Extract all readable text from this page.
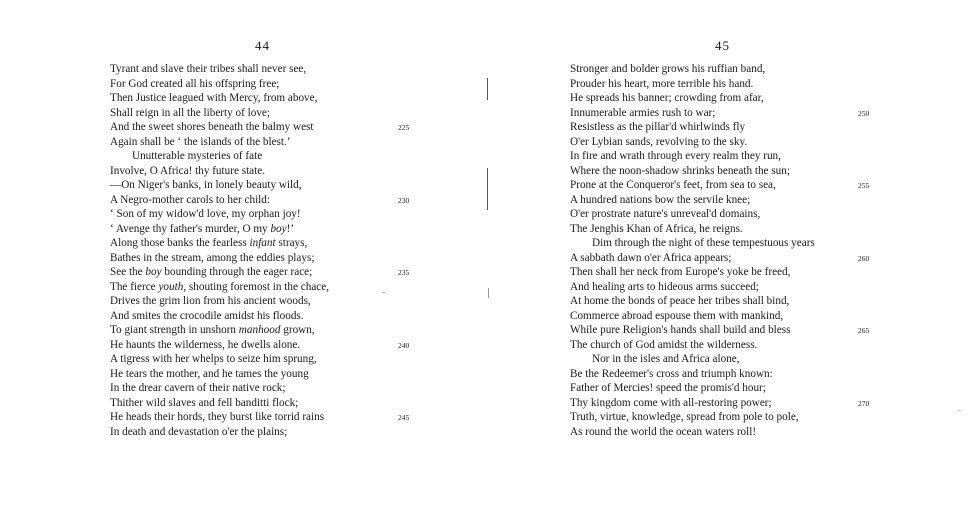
44	45
Tyrant and slave their tribes shall never see,
For God created all his offspring free;
Then Justice leagued with Mercy, from above,
Shall reign in all the liberty of love;
And the sweet shores beneath the balmy west	225
Again shall be ‘ the islands of the blest.’
Unutterable mysteries of fate
Involve, O Africa! thy future state.
—On Niger's banks, in lonely beauty wild,
A Negro-mother carols to her child:	230
‘ Son of my widow'd love, my orphan joy!
‘ Avenge thy father's murder, O my boy!’
Along those banks the fearless infant strays,
Bathes in the stream, among the eddies plays;
See the boy bounding through the eager race;	235
The fierce youth, shouting foremost in the chace,
Drives the grim lion from his ancient woods,
And smites the crocodile amidst his floods.
To giant strength in unshorn manhood grown,
He haunts the wilderness, he dwells alone.	240
A tigress with her whelps to seize him sprung,
He tears the mother, and he tames the young
In the drear cavern of their native rock;
Thither wild slaves and fell banditti flock;
He heads their hords, they burst like torrid rains	245
In death and devastation o'er the plains;
Stronger and bolder grows his ruffian band,
Prouder his heart, more terrible his hand.
He spreads his banner; crowding from afar,
Innumerable armies rush to war;	250
Resistless as the pillar'd whirlwinds fly
O'er Lybian sands, revolving to the sky.
In fire and wrath through every realm they run,
Where the noon-shadow shrinks beneath the sun;
Prone at the Conqueror's feet, from sea to sea,	255
A hundred nations bow the servile knee;
O'er prostrate nature's unreveal'd domains,
The Jenghis Khan of Africa, he reigns.
Dim through the night of these tempestuous years
A sabbath dawn o'er Africa appears;	260
Then shall her neck from Europe's yoke be freed,
And healing arts to hideous arms succeed;
At home the bonds of peace her tribes shall bind,
Commerce abroad espouse them with mankind,
While pure Religion's hands shall build and bless	265
The church of God amidst the wilderness.
Nor in the isles and Africa alone,
Be the Redeemer's cross and triumph known:
Father of Mercies! speed the promis'd hour;
Thy kingdom come with all-restoring power;	270
Truth, virtue, knowledge, spread from pole to pole,
As round the world the ocean waters roll!
